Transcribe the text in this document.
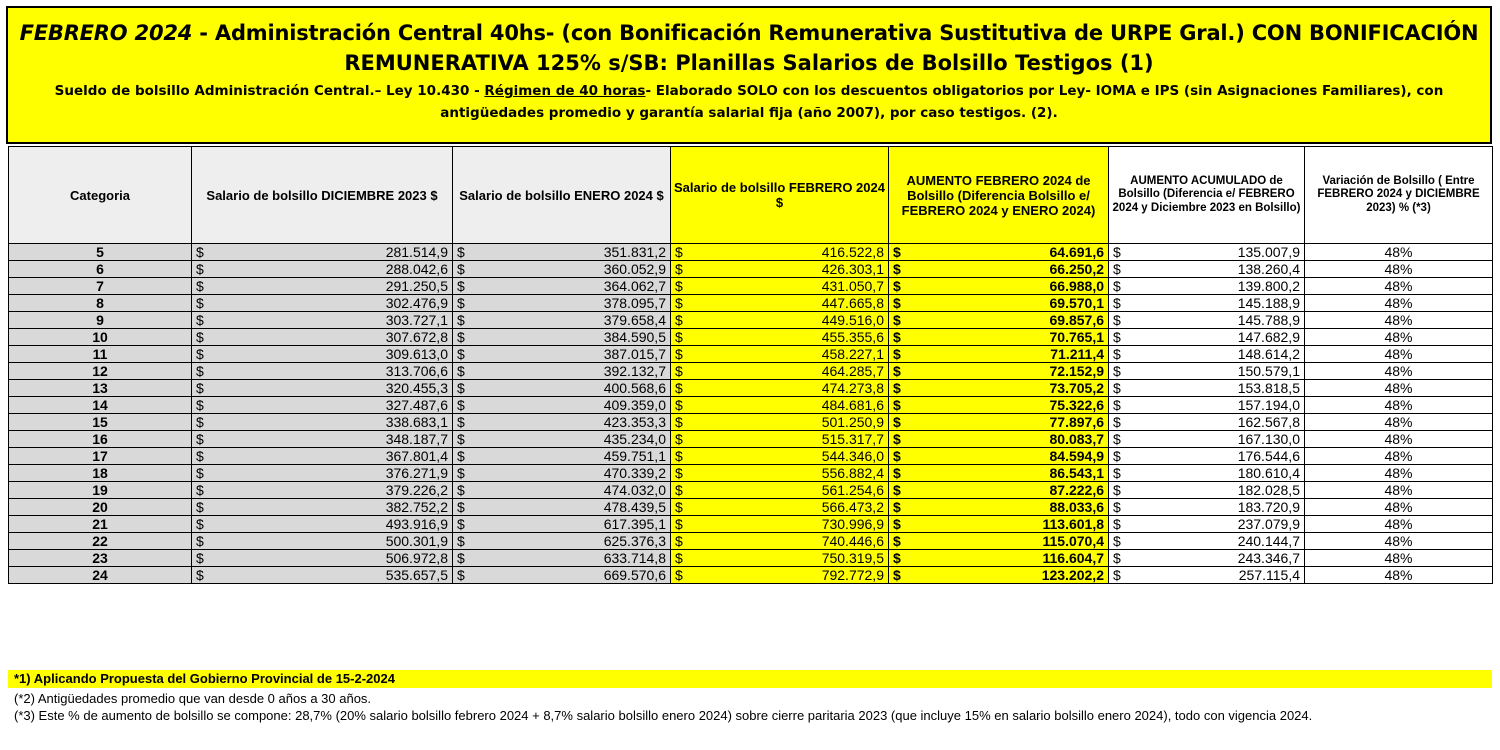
FEBRERO 2024 - Administración Central 40hs- (con Bonificación Remunerativa Sustitutiva de URPE Gral.) CON BONIFICACIÓN
REMUNERATIVA 125% s/SB: Planillas Salarios de Bolsillo Testigos (1)
Sueldo de bolsillo Administración Central.– Ley 10.430 - Régimen de 40 horas- Elaborado SOLO con los descuentos obligatorios por Ley- IOMA e IPS (sin Asignaciones Familiares), con antigüedades promedio y garantía salarial fija (año 2007), por caso testigos. (2).
Categoria	Salario de bolsillo DICIEMBRE 2023 $	Salario de bolsillo ENERO 2024 $	Salario de bolsillo FEBRERO 2024 $	AUMENTO FEBRERO 2024 de Bolsillo (Diferencia Bolsillo e/ FEBRERO 2024 y ENERO 2024)	AUMENTO ACUMULADO de Bolsillo (Diferencia e/ FEBRERO 2024 y Diciembre 2023 en Bolsillo)	Variación de Bolsillo ( Entre FEBRERO 2024 y DICIEMBRE 2023) % (*3)
5	$ 281.514,9	$ 351.831,2	$ 416.522,8	$ 64.691,6	$ 135.007,9	48%
6	$ 288.042,6	$ 360.052,9	$ 426.303,1	$ 66.250,2	$ 138.260,4	48%
7	$ 291.250,5	$ 364.062,7	$ 431.050,7	$ 66.988,0	$ 139.800,2	48%
8	$ 302.476,9	$ 378.095,7	$ 447.665,8	$ 69.570,1	$ 145.188,9	48%
9	$ 303.727,1	$ 379.658,4	$ 449.516,0	$ 69.857,6	$ 145.788,9	48%
10	$ 307.672,8	$ 384.590,5	$ 455.355,6	$ 70.765,1	$ 147.682,9	48%
11	$ 309.613,0	$ 387.015,7	$ 458.227,1	$ 71.211,4	$ 148.614,2	48%
12	$ 313.706,6	$ 392.132,7	$ 464.285,7	$ 72.152,9	$ 150.579,1	48%
13	$ 320.455,3	$ 400.568,6	$ 474.273,8	$ 73.705,2	$ 153.818,5	48%
14	$ 327.487,6	$ 409.359,0	$ 484.681,6	$ 75.322,6	$ 157.194,0	48%
15	$ 338.683,1	$ 423.353,3	$ 501.250,9	$ 77.897,6	$ 162.567,8	48%
16	$ 348.187,7	$ 435.234,0	$ 515.317,7	$ 80.083,7	$ 167.130,0	48%
17	$ 367.801,4	$ 459.751,1	$ 544.346,0	$ 84.594,9	$ 176.544,6	48%
18	$ 376.271,9	$ 470.339,2	$ 556.882,4	$ 86.543,1	$ 180.610,4	48%
19	$ 379.226,2	$ 474.032,0	$ 561.254,6	$ 87.222,6	$ 182.028,5	48%
20	$ 382.752,2	$ 478.439,5	$ 566.473,2	$ 88.033,6	$ 183.720,9	48%
21	$ 493.916,9	$ 617.395,1	$ 730.996,9	$ 113.601,8	$ 237.079,9	48%
22	$ 500.301,9	$ 625.376,3	$ 740.446,6	$ 115.070,4	$ 240.144,7	48%
23	$ 506.972,8	$ 633.714,8	$ 750.319,5	$ 116.604,7	$ 243.346,7	48%
24	$ 535.657,5	$ 669.570,6	$ 792.772,9	$ 123.202,2	$ 257.115,4	48%
*1) Aplicando Propuesta del Gobierno Provincial de 15-2-2024
(*2) Antigüedades promedio que van desde 0 años a 30 años.
(*3) Este % de aumento de bolsillo se compone: 28,7% (20% salario bolsillo febrero 2024 + 8,7% salario bolsillo enero 2024) sobre cierre paritaria 2023 (que incluye 15% en salario bolsillo enero 2024), todo con vigencia 2024.
